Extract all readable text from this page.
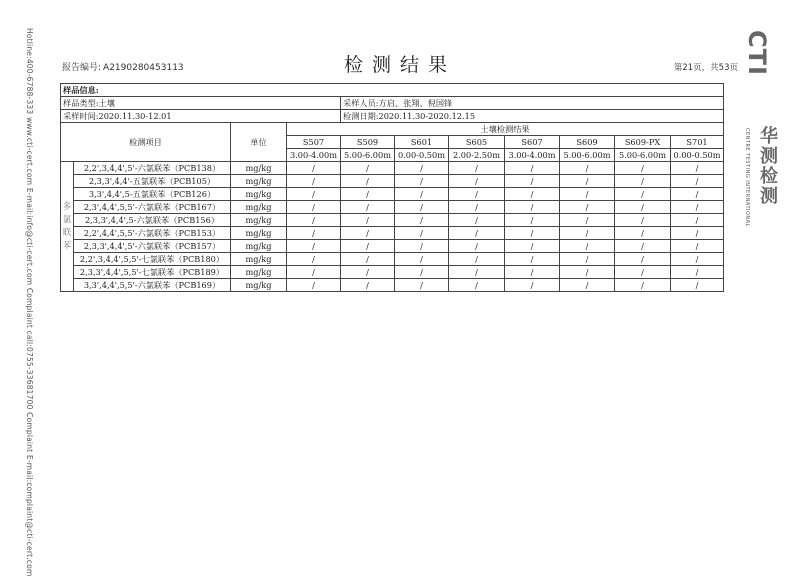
Hotline:400-6788-333 www.cti-cert.com E-mail:info@cti-cert.com Complaint call:0755-33681700 Complaint E-mail:complaint@cti-cert.com	报告编号: A2190280453113	检测结果	第21页，共53页 CTI
CENTRE TESTING INTERNATIONAL 华测检测
样品信息:										
样品类型:土壤				采样人员:方启、张翔、倪国锋						
采样时间:2020.11.30-12.01				检测日期:2020.11.30-2020.12.15						
检测项目		单位	土壤检测结果							
			S507	S509	S601	S605	S607	S609	S609-PX	S701
			3.00-4.00m	5.00-6.00m	0.00-0.50m	2.00-2.50m	3.00-4.00m	5.00-6.00m	5.00-6.00m	0.00-0.50m

多
氯
联
苯	2,2',3,4,4',5'-六氯联苯（PCB138）	mg/kg	/	/	/	/	/	/	/	/
	2,3,3',4,4'-五氯联苯（PCB105）	mg/kg	/	/	/	/	/	/	/	/
	3,3',4,4',5-五氯联苯（PCB126）	mg/kg	/	/	/	/	/	/	/	/
	2,3',4,4',5,5'-六氯联苯（PCB167）	mg/kg	/	/	/	/	/	/	/	/
	2,3,3',4,4',5-六氯联苯（PCB156）	mg/kg	/	/	/	/	/	/	/	/
	2,2',4,4',5,5'-六氯联苯（PCB153）	mg/kg	/	/	/	/	/	/	/	/
	2,3,3',4,4',5'-六氯联苯（PCB157）	mg/kg	/	/	/	/	/	/	/	/
	2,2',3,4,4',5,5'-七氯联苯（PCB180）	mg/kg	/	/	/	/	/	/	/	/
	2,3,3',4,4',5,5'-七氯联苯（PCB189）	mg/kg	/	/	/	/	/	/	/	/
	3,3',4,4',5,5'-六氯联苯（PCB169）	mg/kg	/	/	/	/	/	/	/	/
